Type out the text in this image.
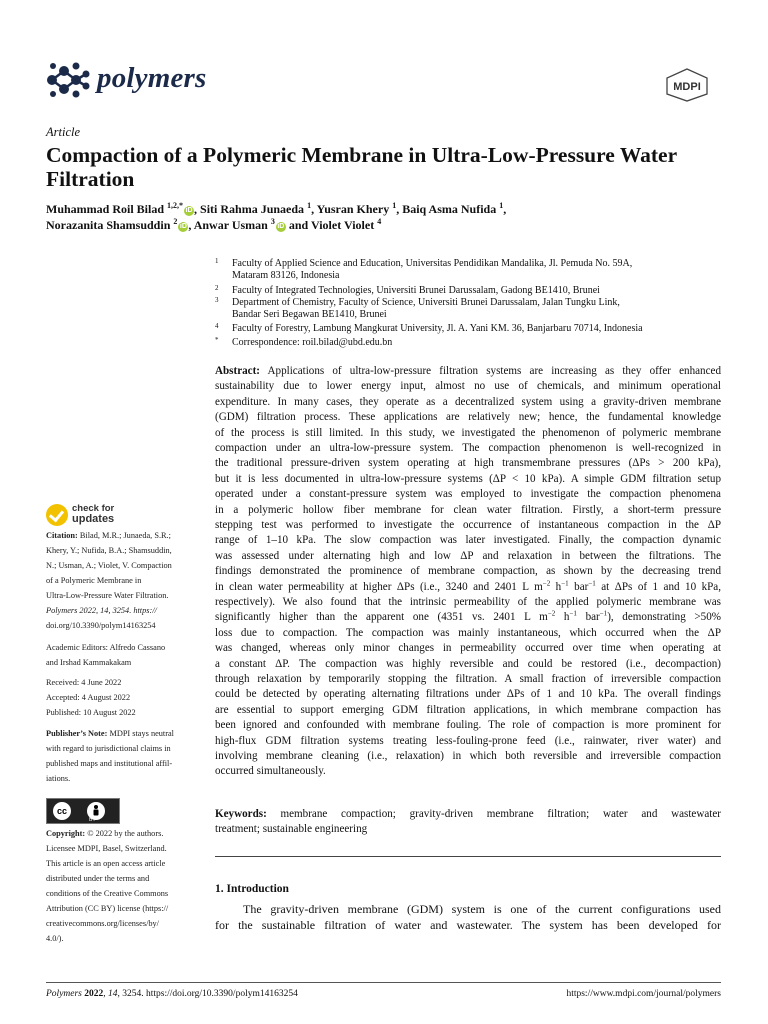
polymers	MDPI
Article
Compaction of a Polymeric Membrane in Ultra-Low-Pressure Water Filtration
Muhammad Roil Bilad $^{1,2,*}$iD , Siti Rahma Junaeda $^1$, Yusran Khery $^1$, Baiq Asma Nufida $^1$,
Norazanita Shamsuddin $^2$iD , Anwar Usman $^3$iD and Violet Violet $^4$
1 Faculty of Applied Science and Education, Universitas Pendidikan Mandalika, Jl. Pemuda No. 59A,
Mataram 83126, Indonesia
2 Faculty of Integrated Technologies, Universiti Brunei Darussalam, Gadong BE1410, Brunei
3 Department of Chemistry, Faculty of Science, Universiti Brunei Darussalam, Jalan Tungku Link,
Bandar Seri Begawan BE1410, Brunei
4 Faculty of Forestry, Lambung Mangkurat University, Jl. A. Yani KM. 36, Banjarbaru 70714, Indonesia
* Correspondence: roil.bilad@ubd.edu.bn
check for
updates
Citation: Bilad, M.R.; Junaeda, S.R.;
Khery, Y.; Nufida, B.A.; Shamsuddin,
N.; Usman, A.; Violet, V. Compaction
of a Polymeric Membrane in
Ultra-Low-Pressure Water Filtration.
Polymers 2022, 14, 3254. https://
doi.org/10.3390/polym14163254
Academic Editors: Alfredo Cassano
and Irshad Kammakakam
Received: 4 June 2022
Accepted: 4 August 2022
Published: 10 August 2022
Publisher’s Note: MDPI stays neutral
with regard to jurisdictional claims in
published maps and institutional affil-
iations.
cc
BY
Copyright: © 2022 by the authors.
Licensee MDPI, Basel, Switzerland.
This article is an open access article
distributed under the terms and
conditions of the Creative Commons
Attribution (CC BY) license (https://
creativecommons.org/licenses/by/
4.0/).
Abstract: Applications of ultra-low-pressure filtration systems are increasing as they offer enhanced
sustainability due to lower energy input, almost no use of chemicals, and minimum operational
expenditure. In many cases, they operate as a decentralized system using a gravity-driven membrane
(GDM) filtration process. These applications are relatively new; hence, the fundamental knowledge
of the process is still limited. In this study, we investigated the phenomenon of polymeric membrane
compaction under an ultra-low-pressure system. The compaction phenomenon is well-recognized in
the traditional pressure-driven system operating at high transmembrane pressures (ΔPs > 200 kPa),
but it is less documented in ultra-low-pressure systems (ΔP < 10 kPa). A simple GDM filtration setup
operated under a constant-pressure system was employed to investigate the compaction phenomena
in a polymeric hollow fiber membrane for clean water filtration. Firstly, a short-term pressure
stepping test was performed to investigate the occurrence of instantaneous compaction in the ΔP
range of 1–10 kPa. The slow compaction was later investigated. Finally, the compaction dynamic
was assessed under alternating high and low ΔP and relaxation in between the filtrations. The
findings demonstrated the prominence of membrane compaction, as shown by the decreasing trend
in clean water permeability at higher ΔPs (i.e., 3240 and 2401 L $m^{-2}$ $h^{-1}$ bar$^{-1}$ at ΔPs of 1 and 10 kPa,
respectively). We also found that the intrinsic permeability of the applied polymeric membrane was
significantly higher than the apparent one (4351 vs. 2401 L $m^{-2}$ $h^{-1}$ bar$^{-1}$), demonstrating >50%
loss due to compaction. The compaction was mainly instantaneous, which occurred when the ΔP
was changed, whereas only minor changes in permeability occurred over time when operating at
a constant ΔP. The compaction was highly reversible and could be restored (i.e., decompaction)
through relaxation by temporarily stopping the filtration. A small fraction of irreversible compaction
could be detected by operating alternating filtrations under ΔPs of 1 and 10 kPa. The overall findings
are essential to support emerging GDM filtration applications, in which membrane compaction has
been ignored and confounded with membrane fouling. The role of compaction is more prominent for
high-flux GDM filtration systems treating less-fouling-prone feed (i.e., rainwater, river water) and
involving membrane cleaning (i.e., relaxation) in which both reversible and irreversible compaction
occurred simultaneously.
Keywords: membrane compaction; gravity-driven membrane filtration; water and wastewater
treatment; sustainable engineering
1. Introduction
The gravity-driven membrane (GDM) system is one of the current configurations used
for the sustainable filtration of water and wastewater. The system has been developed for
Polymers 2022, 14, 3254. https://doi.org/10.3390/polym14163254	https://www.mdpi.com/journal/polymers
